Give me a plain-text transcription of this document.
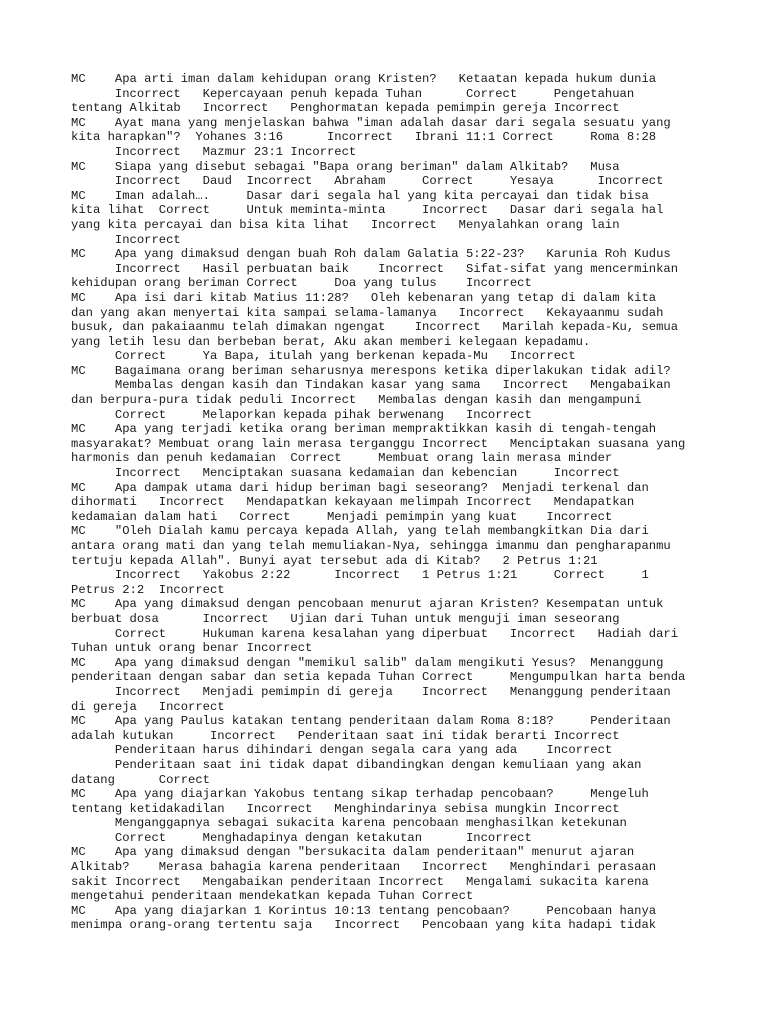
MC    Apa arti iman dalam kehidupan orang Kristen?   Ketaatan kepada hukum dunia
Incorrect   Kepercayaan penuh kepada Tuhan      Correct     Pengetahuan
tentang Alkitab   Incorrect   Penghormatan kepada pemimpin gereja Incorrect
MC    Ayat mana yang menjelaskan bahwa "iman adalah dasar dari segala sesuatu yang
kita harapkan"?  Yohanes 3:16      Incorrect   Ibrani 11:1 Correct     Roma 8:28
Incorrect   Mazmur 23:1 Incorrect
MC    Siapa yang disebut sebagai "Bapa orang beriman" dalam Alkitab?   Musa
Incorrect   Daud  Incorrect   Abraham     Correct     Yesaya      Incorrect
MC    Iman adalah….     Dasar dari segala hal yang kita percayai dan tidak bisa
kita lihat  Correct     Untuk meminta-minta     Incorrect   Dasar dari segala hal
yang kita percayai dan bisa kita lihat   Incorrect   Menyalahkan orang lain
Incorrect
MC    Apa yang dimaksud dengan buah Roh dalam Galatia 5:22-23?   Karunia Roh Kudus
Incorrect   Hasil perbuatan baik    Incorrect   Sifat-sifat yang mencerminkan
kehidupan orang beriman Correct     Doa yang tulus    Incorrect
MC    Apa isi dari kitab Matius 11:28?   Oleh kebenaran yang tetap di dalam kita
dan yang akan menyertai kita sampai selama-lamanya   Incorrect   Kekayaanmu sudah
busuk, dan pakaiaanmu telah dimakan ngengat    Incorrect   Marilah kepada-Ku, semua
yang letih lesu dan berbeban berat, Aku akan memberi kelegaan kepadamu.
Correct     Ya Bapa, itulah yang berkenan kepada-Mu   Incorrect
MC    Bagaimana orang beriman seharusnya merespons ketika diperlakukan tidak adil?
Membalas dengan kasih dan Tindakan kasar yang sama   Incorrect   Mengabaikan
dan berpura-pura tidak peduli Incorrect   Membalas dengan kasih dan mengampuni
Correct     Melaporkan kepada pihak berwenang   Incorrect
MC    Apa yang terjadi ketika orang beriman mempraktikkan kasih di tengah-tengah
masyarakat? Membuat orang lain merasa terganggu Incorrect   Menciptakan suasana yang
harmonis dan penuh kedamaian  Correct     Membuat orang lain merasa minder
Incorrect   Menciptakan suasana kedamaian dan kebencian     Incorrect
MC    Apa dampak utama dari hidup beriman bagi seseorang?  Menjadi terkenal dan
dihormati   Incorrect   Mendapatkan kekayaan melimpah Incorrect   Mendapatkan
kedamaian dalam hati   Correct     Menjadi pemimpin yang kuat    Incorrect
MC    "Oleh Dialah kamu percaya kepada Allah, yang telah membangkitkan Dia dari
antara orang mati dan yang telah memuliakan-Nya, sehingga imanmu dan pengharapanmu
tertuju kepada Allah". Bunyi ayat tersebut ada di Kitab?   2 Petrus 1:21
Incorrect   Yakobus 2:22      Incorrect   1 Petrus 1:21     Correct     1
Petrus 2:2  Incorrect
MC    Apa yang dimaksud dengan pencobaan menurut ajaran Kristen? Kesempatan untuk
berbuat dosa      Incorrect   Ujian dari Tuhan untuk menguji iman seseorang
Correct     Hukuman karena kesalahan yang diperbuat   Incorrect   Hadiah dari
Tuhan untuk orang benar Incorrect
MC    Apa yang dimaksud dengan "memikul salib" dalam mengikuti Yesus?  Menanggung
penderitaan dengan sabar dan setia kepada Tuhan Correct     Mengumpulkan harta benda
Incorrect   Menjadi pemimpin di gereja    Incorrect   Menanggung penderitaan
di gereja   Incorrect
MC    Apa yang Paulus katakan tentang penderitaan dalam Roma 8:18?     Penderitaan
adalah kutukan     Incorrect   Penderitaan saat ini tidak berarti Incorrect
Penderitaan harus dihindari dengan segala cara yang ada    Incorrect
Penderitaan saat ini tidak dapat dibandingkan dengan kemuliaan yang akan
datang      Correct
MC    Apa yang diajarkan Yakobus tentang sikap terhadap pencobaan?     Mengeluh
tentang ketidakadilan   Incorrect   Menghindarinya sebisa mungkin Incorrect
Menganggapnya sebagai sukacita karena pencobaan menghasilkan ketekunan
Correct     Menghadapinya dengan ketakutan      Incorrect
MC    Apa yang dimaksud dengan "bersukacita dalam penderitaan" menurut ajaran
Alkitab?    Merasa bahagia karena penderitaan   Incorrect   Menghindari perasaan
sakit Incorrect   Mengabaikan penderitaan Incorrect   Mengalami sukacita karena
mengetahui penderitaan mendekatkan kepada Tuhan Correct
MC    Apa yang diajarkan 1 Korintus 10:13 tentang pencobaan?     Pencobaan hanya
menimpa orang-orang tertentu saja   Incorrect   Pencobaan yang kita hadapi tidak
